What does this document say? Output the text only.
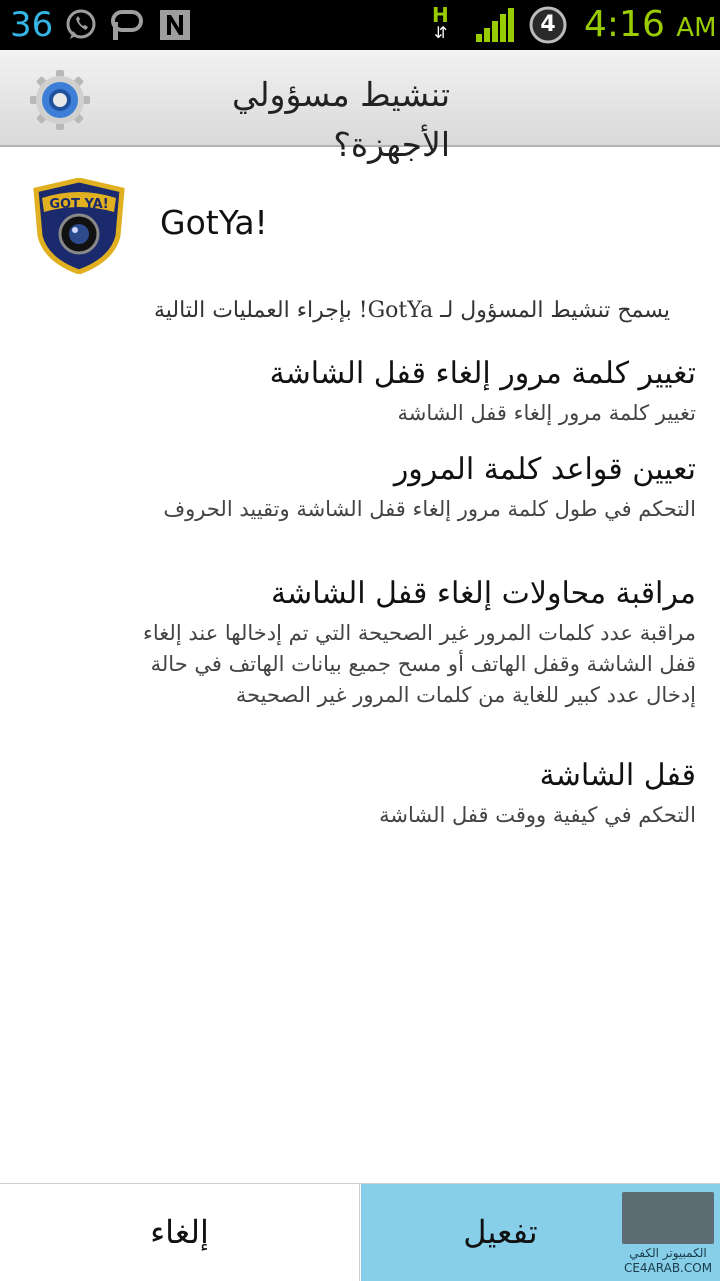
36	H
⇵	4 4:16 AM
تنشيط مسؤولي الأجهزة؟
GOT YA! GotYa!
يسمح تنشيط المسؤول لـ GotYa! بإجراء العمليات التالية
تغيير كلمة مرور إلغاء قفل الشاشة
تغيير كلمة مرور إلغاء قفل الشاشة
تعيين قواعد كلمة المرور
التحكم في طول كلمة مرور إلغاء قفل الشاشة وتقييد الحروف
مراقبة محاولات إلغاء قفل الشاشة
مراقبة عدد كلمات المرور غير الصحيحة التي تم إدخالها عند إلغاء قفل الشاشة وقفل الهاتف أو مسح جميع بيانات الهاتف في حالة إدخال عدد كبير للغاية من كلمات المرور غير الصحيحة
قفل الشاشة
التحكم في كيفية ووقت قفل الشاشة
إلغاء	تفعيل
الكمبيوتر الكفي
CE4ARAB.COM
